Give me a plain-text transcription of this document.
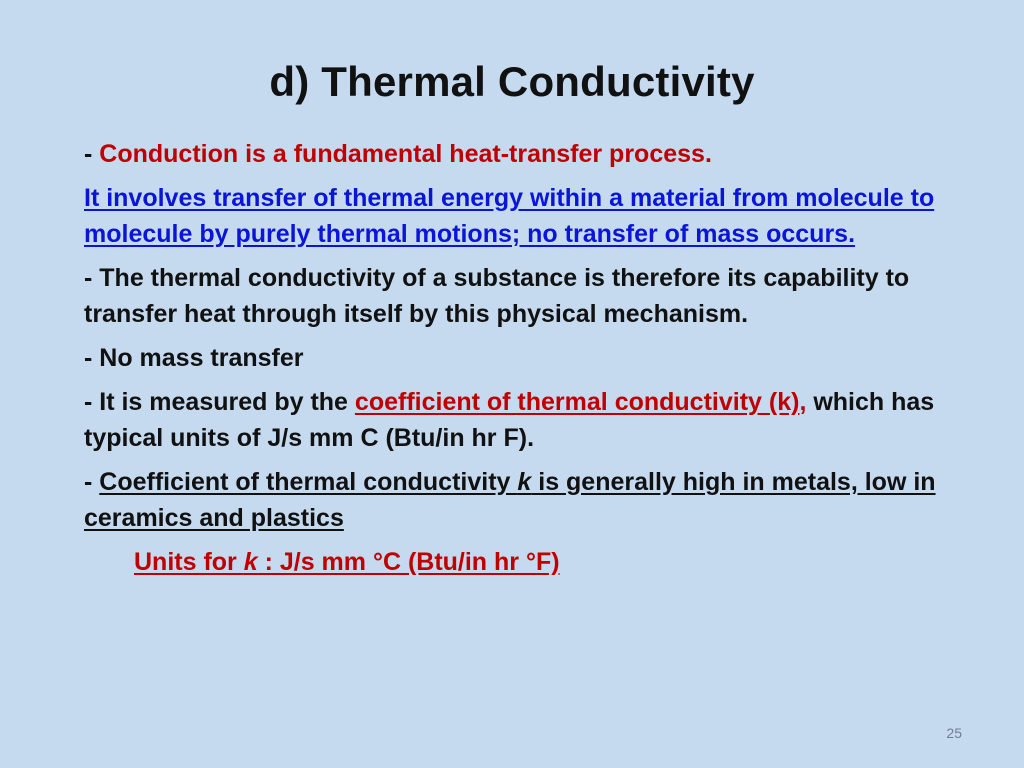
d) Thermal Conductivity
- Conduction is a fundamental heat-transfer process.
It involves transfer of thermal energy within a material from molecule to molecule by purely thermal motions; no transfer of mass occurs.
- The thermal conductivity of a substance is therefore its capability to transfer heat through itself by this physical mechanism.
- No mass transfer
- It is measured by the coefficient of thermal conductivity (k), which has typical units of J/s mm C (Btu/in hr F).
- Coefficient of thermal conductivity k is generally high in metals, low in ceramics and plastics
Units for k : J/s mm °C (Btu/in hr °F)
25
